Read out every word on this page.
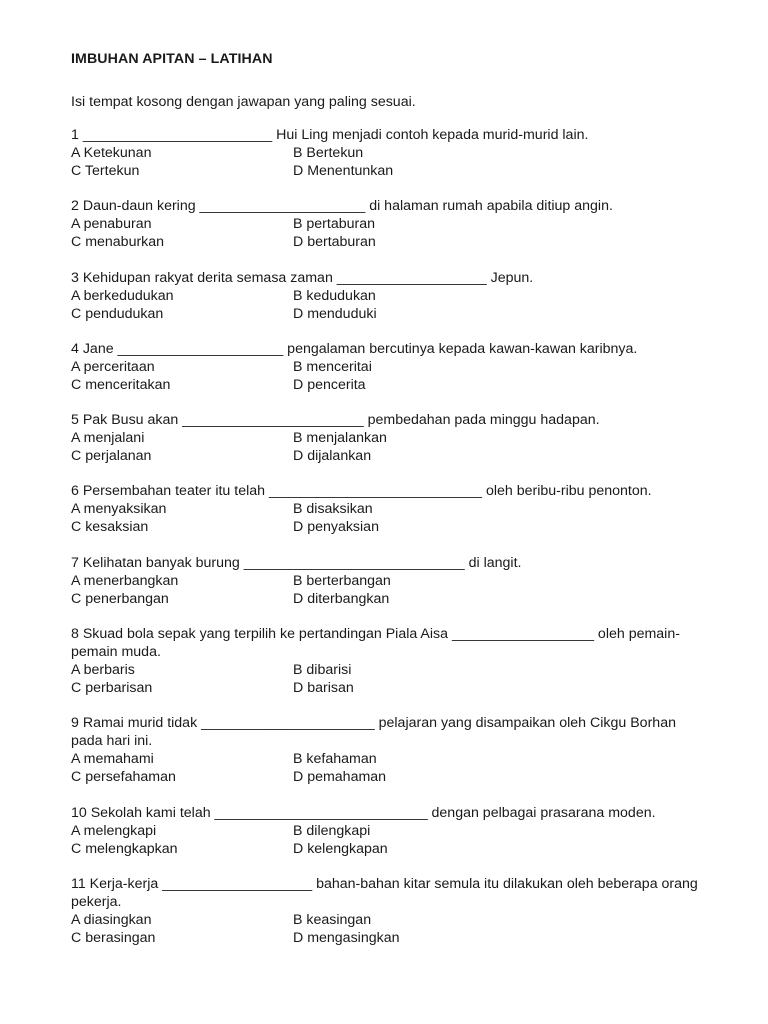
IMBUHAN APITAN – LATIHAN
Isi tempat kosong dengan jawapan yang paling sesuai.
1 ________________________ Hui Ling menjadi contoh kepada murid-murid lain.
A Ketekunan	B Bertekun
C Tertekun	D Menentunkan
2 Daun-daun kering _____________________ di halaman rumah apabila ditiup angin.
A penaburan	B pertaburan
C menaburkan	D bertaburan
3 Kehidupan rakyat derita semasa zaman ___________________ Jepun.
A berkedudukan	B kedudukan
C pendudukan	D menduduki
4 Jane _____________________ pengalaman bercutinya kepada kawan-kawan karibnya.
A perceritaan	B menceritai
C menceritakan	D pencerita
5 Pak Busu akan _______________________ pembedahan pada minggu hadapan.
A menjalani	B menjalankan
C perjalanan	D dijalankan
6 Persembahan teater itu telah ___________________________ oleh beribu-ribu penonton.
A menyaksikan	B disaksikan
C kesaksian	D penyaksian
7 Kelihatan banyak burung ____________________________ di langit.
A menerbangkan	B berterbangan
C penerbangan	D diterbangkan
8 Skuad bola sepak yang terpilih ke pertandingan Piala Aisa __________________ oleh pemain-pemain muda.
A berbaris	B dibarisi
C perbarisan	D barisan
9 Ramai murid tidak ______________________ pelajaran yang disampaikan oleh Cikgu Borhan pada hari ini.
A memahami	B kefahaman
C persefahaman	D pemahaman
10 Sekolah kami telah ___________________________ dengan pelbagai prasarana moden.
A melengkapi	B dilengkapi
C melengkapkan	D kelengkapan
11 Kerja-kerja ___________________ bahan-bahan kitar semula itu dilakukan oleh beberapa orang pekerja.
A diasingkan	B keasingan
C berasingan	D mengasingkan
